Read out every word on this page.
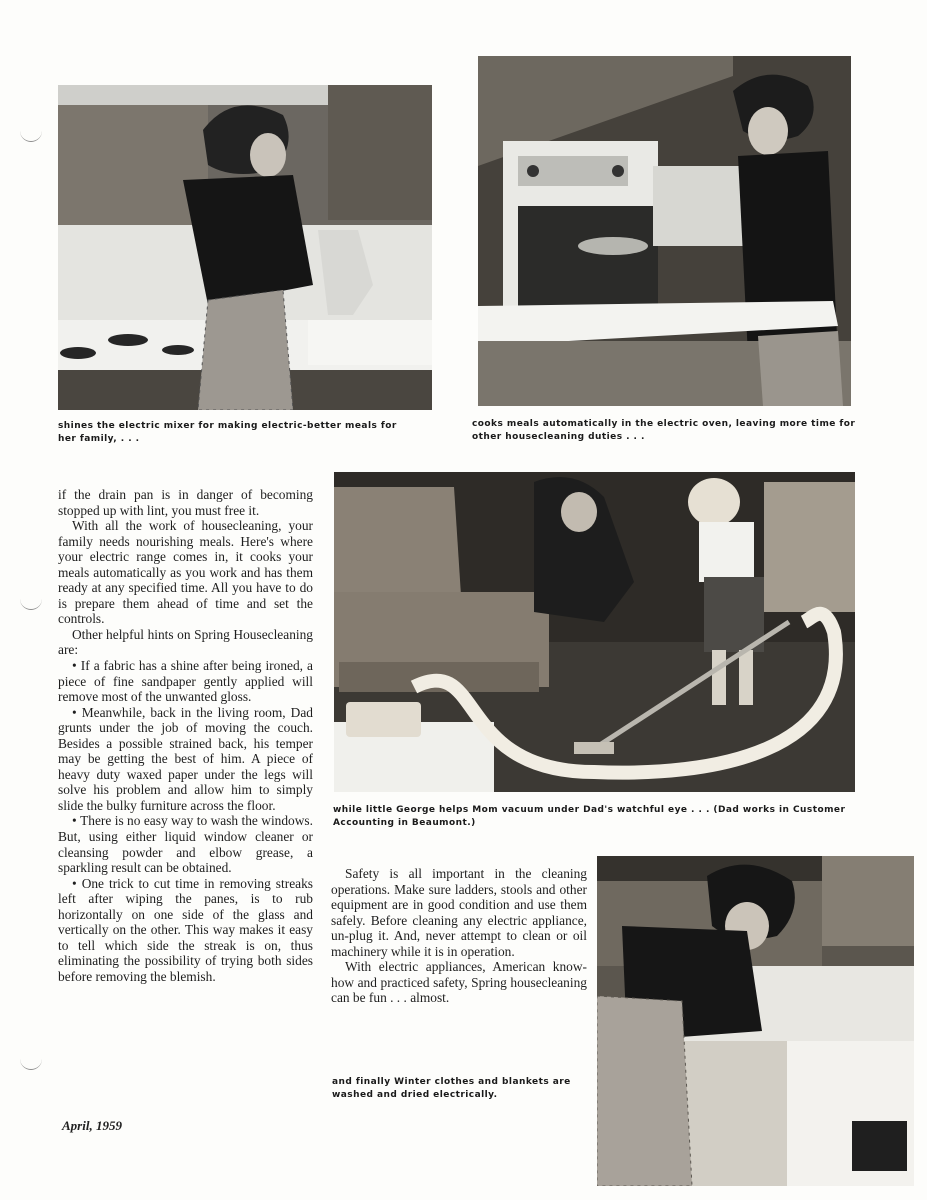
shines the electric mixer for making electric-better meals for her family, . . .

cooks meals automatically in the electric oven, leaving more time for other housecleaning duties . . .

while little George helps Mom vacuum under Dad's watchful eye . . . (Dad works in Customer Accounting in Beaumont.)

and finally Winter clothes and blankets are washed and dried electrically.

if the drain pan is in danger of becoming stopped up with lint, you must free it.

With all the work of housecleaning, your family needs nourishing meals. Here's where your electric range comes in, it cooks your meals automatically as you work and has them ready at any specified time. All you have to do is prepare them ahead of time and set the controls.

Other helpful hints on Spring Housecleaning are:

• If a fabric has a shine after being ironed, a piece of fine sandpaper gently applied will remove most of the unwanted gloss.

• Meanwhile, back in the living room, Dad grunts under the job of moving the couch. Besides a possible strained back, his temper may be getting the best of him. A piece of heavy duty waxed paper under the legs will solve his problem and allow him to simply slide the bulky furniture across the floor.

• There is no easy way to wash the windows. But, using either liquid window cleaner or cleansing powder and elbow grease, a sparkling result can be obtained.

• One trick to cut time in removing streaks left after wiping the panes, is to rub horizontally on one side of the glass and vertically on the other. This way makes it easy to tell which side the streak is on, thus eliminating the possibility of trying both sides before removing the blemish.

Safety is all important in the cleaning operations. Make sure ladders, stools and other equipment are in good condition and use them safely. Before cleaning any electric appliance, un-plug it. And, never attempt to clean or oil machinery while it is in operation.

With electric appliances, American know-how and practiced safety, Spring housecleaning can be fun . . . almost.

April, 1959
